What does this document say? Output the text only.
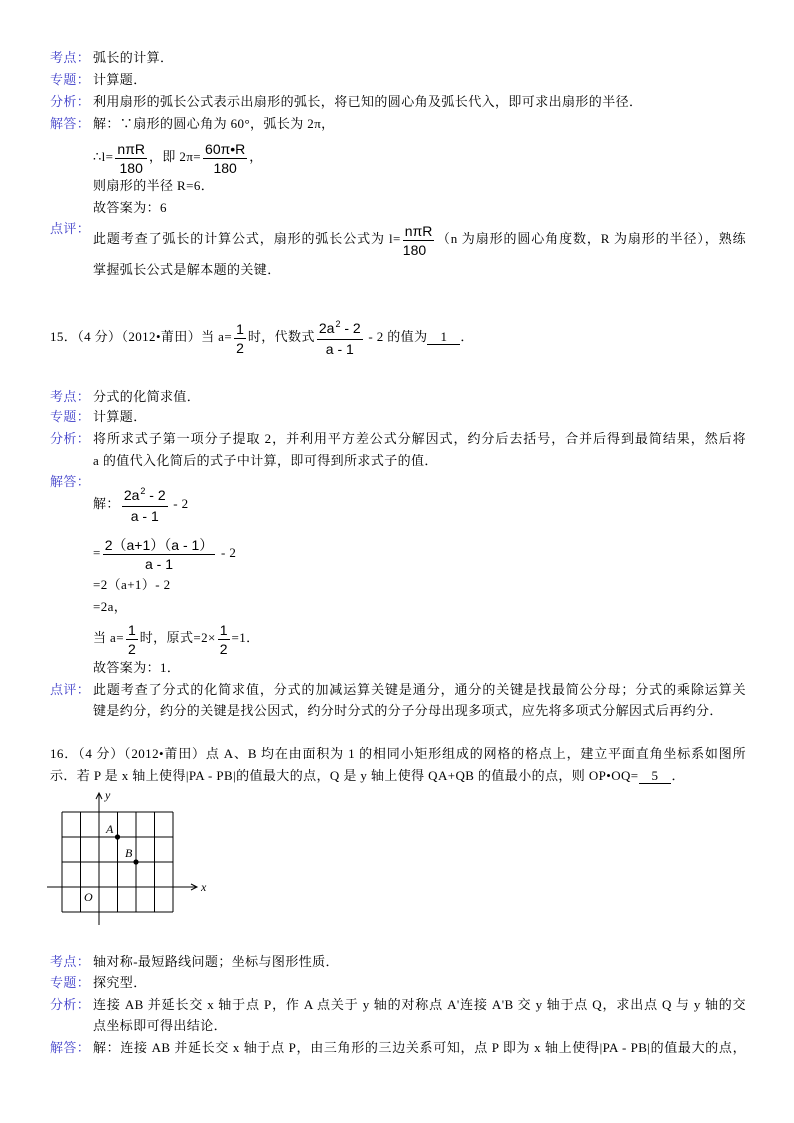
考点： 弧长的计算．
专题： 计算题．
分析： 利用扇形的弧长公式表示出扇形的弧长，将已知的圆心角及弧长代入，即可求出扇形的半径．
解答： 解：∵扇形的圆心角为 60°，弧长为 2π，
∴l= $\frac{\text{nπR}}{180}$ ，即 $2\pi= \frac{60\pi•R}{180}$ ，
则扇形的半径 R=6．
故答案为：6
点评：
此题考查了弧长的计算公式，扇形的弧长公式为 $l= \frac{\text{nπR}}{180} (n$ 为扇形的圆心角度数，R 为扇形的半径），熟练
掌握弧长公式是解本题的关键．
15．（4 分）（2012•莆田）当 $a= \frac{1}{2}$ 时，代数式 $\frac{2a^2 - 2}{a - 1} - 2$ 的值为 1 ．
考点： 分式的化简求值．
专题： 计算题．
分析： 将所求式子第一项分子提取 2，并利用平方差公式分解因式，约分后去括号，合并后得到最简结果，然后将
a 的值代入化简后的式子中计算，即可得到所求式子的值．
解答：
解： $\frac{2a^2 - 2}{a - 1} - 2$
= $\frac{2(a+1)(a - 1)}{a - 1} - 2$
=2（a+1）- 2
=2a，
当 $a= \frac{1}{2}$ 时，原式$=2\times \frac{1}{2} =1$．
故答案为：1．
点评： 此题考查了分式的化简求值，分式的加减运算关键是通分，通分的关键是找最简公分母；分式的乘除运算关
键是约分，约分的关键是找公因式，约分时分式的分子分母出现多项式，应先将多项式分解因式后再约分．
16．（4 分）（2012•莆田）点 A、B 均在由面积为 1 的相同小矩形组成的网格的格点上，建立平面直角坐标系如图所
示．若 P 是 x 轴上使得|PA - PB|的值最大的点，Q 是 y 轴上使得 QA+QB 的值最小的点，则 OP•OQ= 5 ．
y
x
O
A
B
考点： 轴对称-最短路线问题；坐标与图形性质．
专题： 探究型．
分析： 连接 AB 并延长交 x 轴于点 P，作 A 点关于 y 轴的对称点 A'连接 A'B 交 y 轴于点 Q，求出点 Q 与 y 轴的交
点坐标即可得出结论．
解答： 解：连接 AB 并延长交 x 轴于点 P，由三角形的三边关系可知，点 P 即为 x 轴上使得|PA - PB|的值最大的点，
